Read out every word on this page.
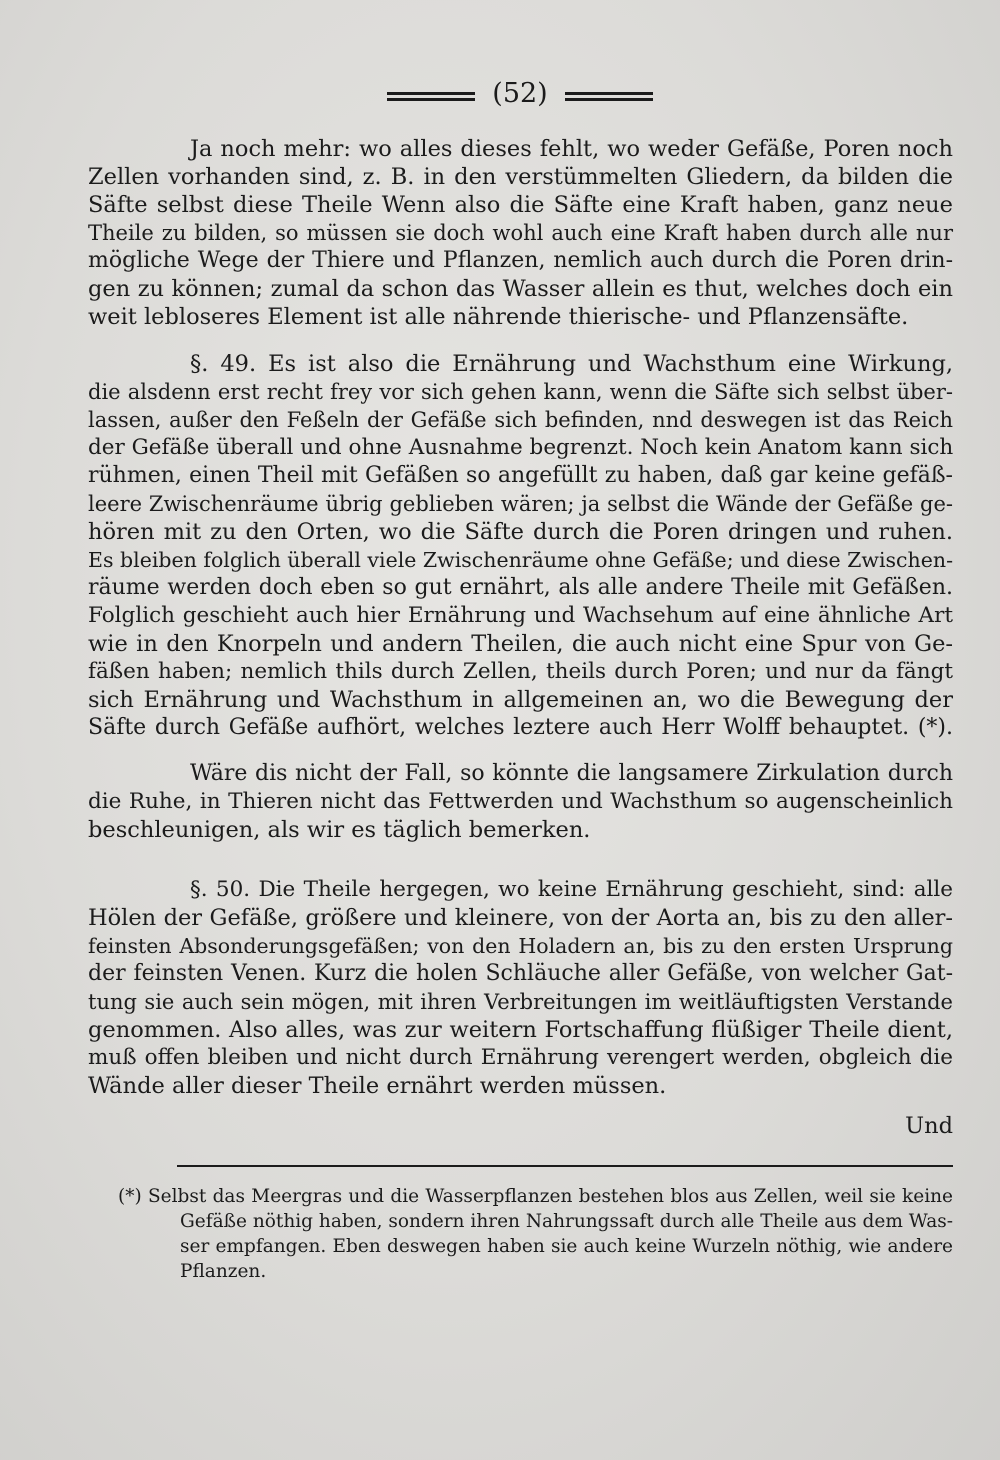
(52)
Ja noch mehr: wo alles dieses fehlt, wo weder Gefäße, Poren noch
Zellen vorhanden sind, z. B. in den verstümmelten Gliedern, da bilden die
Säfte selbst diese Theile Wenn also die Säfte eine Kraft haben, ganz neue
Theile zu bilden, so müssen sie doch wohl auch eine Kraft haben durch alle nur
mögliche Wege der Thiere und Pflanzen, nemlich auch durch die Poren drin-
gen zu können; zumal da schon das Wasser allein es thut, welches doch ein
weit lebloseres Element ist alle nährende thierische- und Pflanzensäfte.
§. 49. Es ist also die Ernährung und Wachsthum eine Wirkung,
die alsdenn erst recht frey vor sich gehen kann, wenn die Säfte sich selbst über-
lassen, außer den Feßeln der Gefäße sich befinden, nnd deswegen ist das Reich
der Gefäße überall und ohne Ausnahme begrenzt. Noch kein Anatom kann sich
rühmen, einen Theil mit Gefäßen so angefüllt zu haben, daß gar keine gefäß-
leere Zwischenräume übrig geblieben wären; ja selbst die Wände der Gefäße ge-
hören mit zu den Orten, wo die Säfte durch die Poren dringen und ruhen.
Es bleiben folglich überall viele Zwischenräume ohne Gefäße; und diese Zwischen-
räume werden doch eben so gut ernährt, als alle andere Theile mit Gefäßen.
Folglich geschieht auch hier Ernährung und Wachsehum auf eine ähnliche Art
wie in den Knorpeln und andern Theilen, die auch nicht eine Spur von Ge-
fäßen haben; nemlich thils durch Zellen, theils durch Poren; und nur da fängt
sich Ernährung und Wachsthum in allgemeinen an, wo die Bewegung der
Säfte durch Gefäße aufhört, welches leztere auch Herr Wolff behauptet. (*).
Wäre dis nicht der Fall, so könnte die langsamere Zirkulation durch
die Ruhe, in Thieren nicht das Fettwerden und Wachsthum so augenscheinlich
beschleunigen, als wir es täglich bemerken.
§. 50. Die Theile hergegen, wo keine Ernährung geschieht, sind: alle
Hölen der Gefäße, größere und kleinere, von der Aorta an, bis zu den aller-
feinsten Absonderungsgefäßen; von den Holadern an, bis zu den ersten Ursprung
der feinsten Venen. Kurz die holen Schläuche aller Gefäße, von welcher Gat-
tung sie auch sein mögen, mit ihren Verbreitungen im weitläuftigsten Verstande
genommen. Also alles, was zur weitern Fortschaffung flüßiger Theile dient,
muß offen bleiben und nicht durch Ernährung verengert werden, obgleich die
Wände aller dieser Theile ernährt werden müssen.
Und
(*) Selbst das Meergras und die Wasserpflanzen bestehen blos aus Zellen, weil sie keine
Gefäße nöthig haben, sondern ihren Nahrungssaft durch alle Theile aus dem Was-
ser empfangen. Eben deswegen haben sie auch keine Wurzeln nöthig, wie andere
Pflanzen.
